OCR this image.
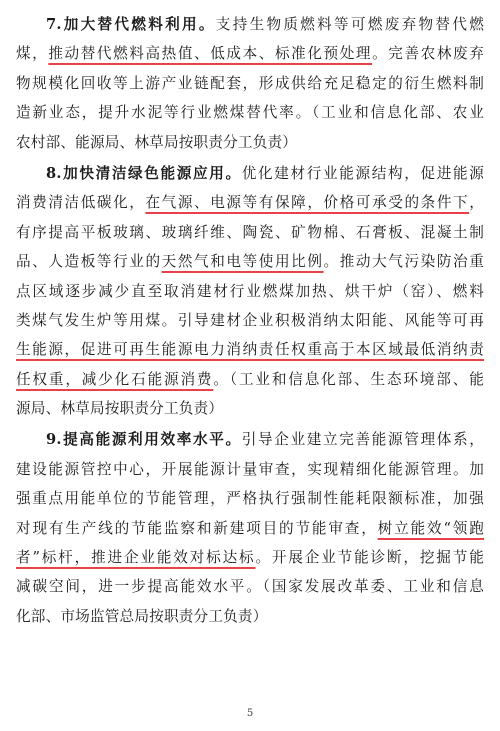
7.加大替代燃料利用。支持生物质燃料等可燃废弃物替代燃
煤，推动替代燃料高热值、低成本、标准化预处理。完善农林废弃
物规模化回收等上游产业链配套，形成供给充足稳定的衍生燃料制
造新业态，提升水泥等行业燃煤替代率。（工业和信息化部、农业
农村部、能源局、林草局按职责分工负责）
8.加快清洁绿色能源应用。优化建材行业能源结构，促进能源
消费清洁低碳化，在气源、电源等有保障，价格可承受的条件下，
有序提高平板玻璃、玻璃纤维、陶瓷、矿物棉、石膏板、混凝土制
品、人造板等行业的天然气和电等使用比例。推动大气污染防治重
点区域逐步减少直至取消建材行业燃煤加热、烘干炉（窑）、燃料
类煤气发生炉等用煤。引导建材企业积极消纳太阳能、风能等可再
生能源，促进可再生能源电力消纳责任权重高于本区域最低消纳责
任权重，减少化石能源消费。（工业和信息化部、生态环境部、能
源局、林草局按职责分工负责）
9.提高能源利用效率水平。引导企业建立完善能源管理体系，
建设能源管控中心，开展能源计量审查，实现精细化能源管理。加
强重点用能单位的节能管理，严格执行强制性能耗限额标准，加强
对现有生产线的节能监察和新建项目的节能审查，树立能效“领跑
者”标杆，推进企业能效对标达标。开展企业节能诊断，挖掘节能
减碳空间，进一步提高能效水平。（国家发展改革委、工业和信息
化部、市场监管总局按职责分工负责）
5
